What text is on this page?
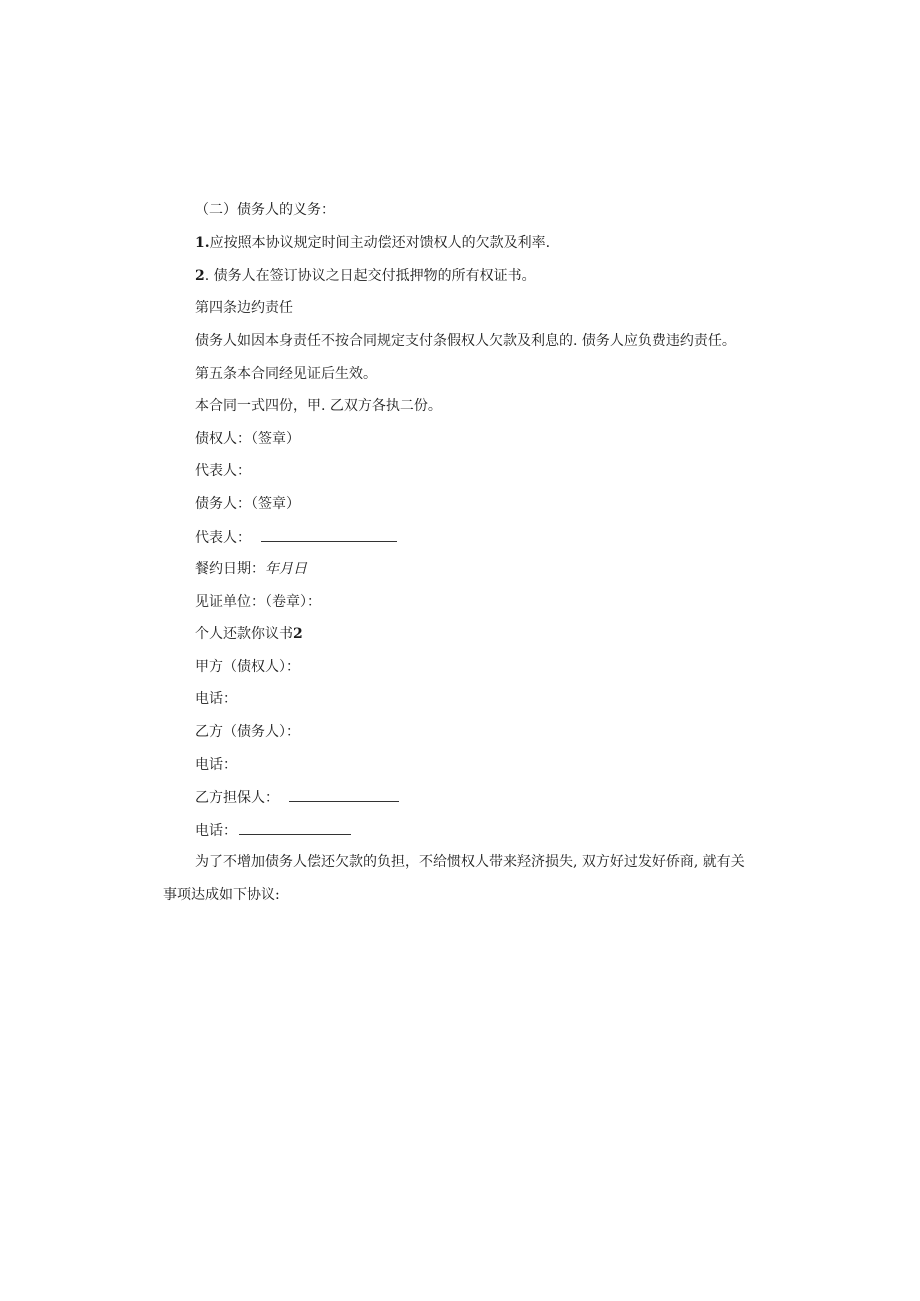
（二）债务人的义务：
1.应按照本协议规定时间主动偿还对馈权人的欠款及利率.
2. 债务人在签订协议之日起交付抵押物的所有权证书。
第四条边约责任
债务人如因本身责任不按合同规定支付条假权人欠款及利息的. 债务人应负费违约责任。
第五条本合同经见证后生效。
本合同一式四份，甲. 乙双方各执二份。
债权人：（签章）
代表人：
债务人：（签章）
代表人：
餐约日期：年月日
见证单位：（卷章）：
个人还款你议书2
甲方（债权人）：
电话：
乙方（债务人）：
电话：
乙方担保人：
电话：
为了不增加债务人偿还欠款的负担，不给惯权人带来羟济损失, 双方好过发好侨商, 就有关事项达成如下协议:
